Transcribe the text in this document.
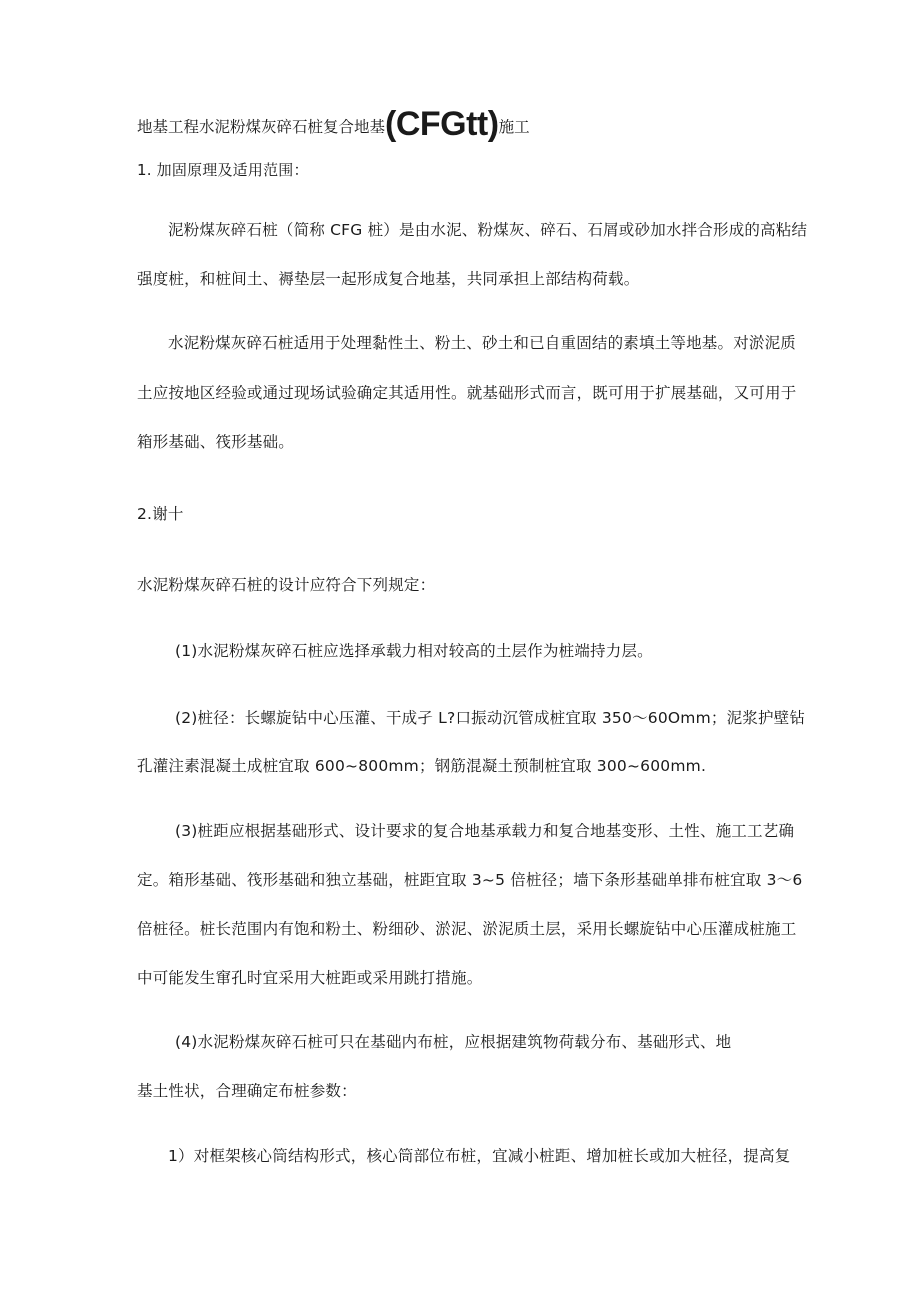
地基工程水泥粉煤灰碎石桩复合地基(CFGtt)施工
1. 加固原理及适用范围：
泥粉煤灰碎石桩（简称 CFG 桩）是由水泥、粉煤灰、碎石、石屑或砂加水拌合形成的高粘结
强度桩，和桩间土、褥垫层一起形成复合地基，共同承担上部结构荷载。
水泥粉煤灰碎石桩适用于处理黏性土、粉土、砂土和已自重固结的素填土等地基。对淤泥质
土应按地区经验或通过现场试验确定其适用性。就基础形式而言，既可用于扩展基础，又可用于
箱形基础、筏形基础。
2.谢十
水泥粉煤灰碎石桩的设计应符合下列规定：
(1)水泥粉煤灰碎石桩应选择承载力相对较高的土层作为桩端持力层。
(2)桩径：长螺旋钻中心压灌、干成孑 L?口振动沉管成桩宜取 350～60Omm；泥浆护壁钻
孔灌注素混凝土成桩宜取 600~800mm；钢筋混凝土预制桩宜取 300~600mm.
(3)桩距应根据基础形式、设计要求的复合地基承载力和复合地基变形、土性、施工工艺确
定。箱形基础、筏形基础和独立基础，桩距宜取 3~5 倍桩径；墙下条形基础单排布桩宜取 3～6
倍桩径。桩长范围内有饱和粉土、粉细砂、淤泥、淤泥质土层，采用长螺旋钻中心压灌成桩施工
中可能发生窜孔时宜采用大桩距或采用跳打措施。
(4)水泥粉煤灰碎石桩可只在基础内布桩，应根据建筑物荷载分布、基础形式、地
基土性状，合理确定布桩参数：
1）对框架核心筒结构形式，核心筒部位布桩，宜减小桩距、增加桩长或加大桩径，提高复
